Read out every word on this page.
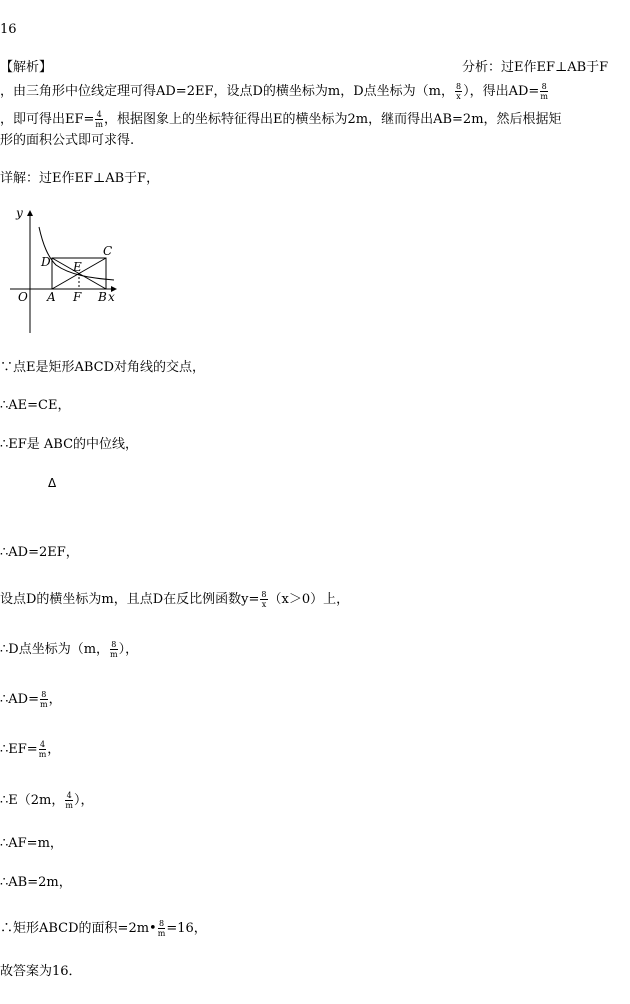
16
【解析】	分析：过E作EF⊥AB于F
，由三角形中位线定理可得AD=2EF，设点D的横坐标为m，D点坐标为（m， $\frac{8}{x}$ ），得出$AD= \frac{8}{m}$
，即可得出$EF= \frac{4}{m}$ ，根据图象上的坐标特征得出E的横坐标为2m，继而得出AB=2m，然后根据矩
形的面积公式即可求得.
详解：过E作EF⊥AB于F，
y
x
O A F B
C
D E
∵点E是矩形ABCD对角线的交点，
∴AE=CE，
∴EF是 ABC的中位线，
Δ
∴AD=2EF，
设点D的横坐标为m，且点D在反比例函数$y= \frac{8}{x} (x>0)$上，
∴D点坐标为（m， $\frac{8}{m}$ ），
∴AD= $\frac{8}{m}$ ，
∴EF= $\frac{4}{m}$ ，
∴E（2m， $\frac{4}{m}$ ），
∴AF=m，
∴AB=2m，
∴矩形ABCD的面积=2m• $\frac{8}{m} =16$，
故答案为16．
